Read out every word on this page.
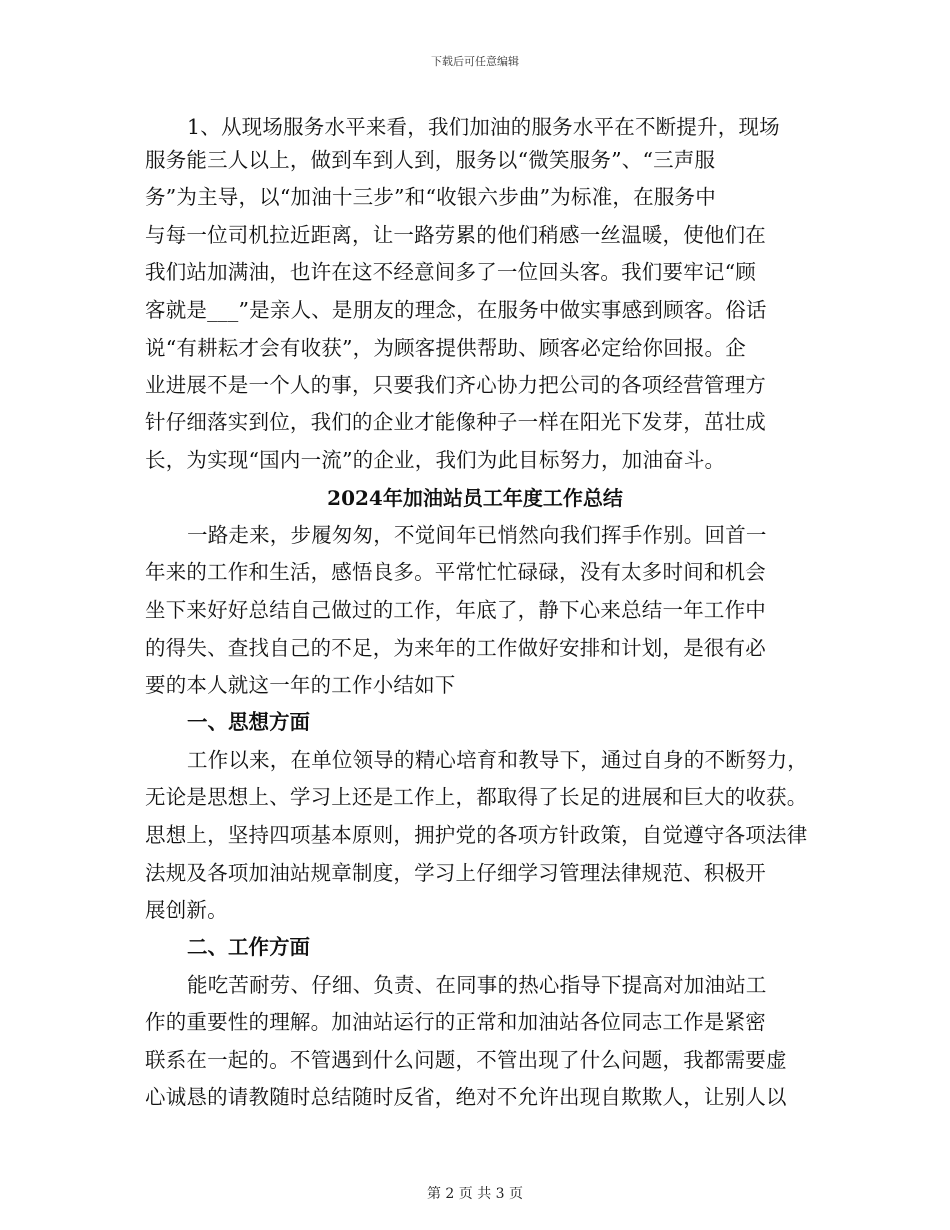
下载后可任意编辑
1、从现场服务水平来看，我们加油的服务水平在不断提升，现场
服务能三人以上，做到车到人到，服务以“微笑服务”、“三声服
务”为主导，以“加油十三步”和“收银六步曲”为标准，在服务中
与每一位司机拉近距离，让一路劳累的他们稍感一丝温暖，使他们在
我们站加满油，也许在这不经意间多了一位回头客。我们要牢记“顾
客就是___”是亲人、是朋友的理念，在服务中做实事感到顾客。俗话
说“有耕耘才会有收获”，为顾客提供帮助、顾客必定给你回报。企
业进展不是一个人的事，只要我们齐心协力把公司的各项经营管理方
针仔细落实到位，我们的企业才能像种子一样在阳光下发芽，茁壮成
长，为实现“国内一流”的企业，我们为此目标努力，加油奋斗。
2024年加油站员工年度工作总结
一路走来，步履匆匆，不觉间年已悄然向我们挥手作别。回首一
年来的工作和生活，感悟良多。平常忙忙碌碌，没有太多时间和机会
坐下来好好总结自己做过的工作，年底了，静下心来总结一年工作中
的得失、查找自己的不足，为来年的工作做好安排和计划，是很有必
要的本人就这一年的工作小结如下
一、思想方面
工作以来，在单位领导的精心培育和教导下，通过自身的不断努力，
无论是思想上、学习上还是工作上，都取得了长足的进展和巨大的收获。
思想上，坚持四项基本原则，拥护党的各项方针政策，自觉遵守各项法律
法规及各项加油站规章制度，学习上仔细学习管理法律规范、积极开
展创新。
二、工作方面
能吃苦耐劳、仔细、负责、在同事的热心指导下提高对加油站工
作的重要性的理解。加油站运行的正常和加油站各位同志工作是紧密
联系在一起的。不管遇到什么问题，不管出现了什么问题，我都需要虚
心诚恳的请教随时总结随时反省，绝对不允许出现自欺欺人，让别人以
第 2 页 共 3 页
